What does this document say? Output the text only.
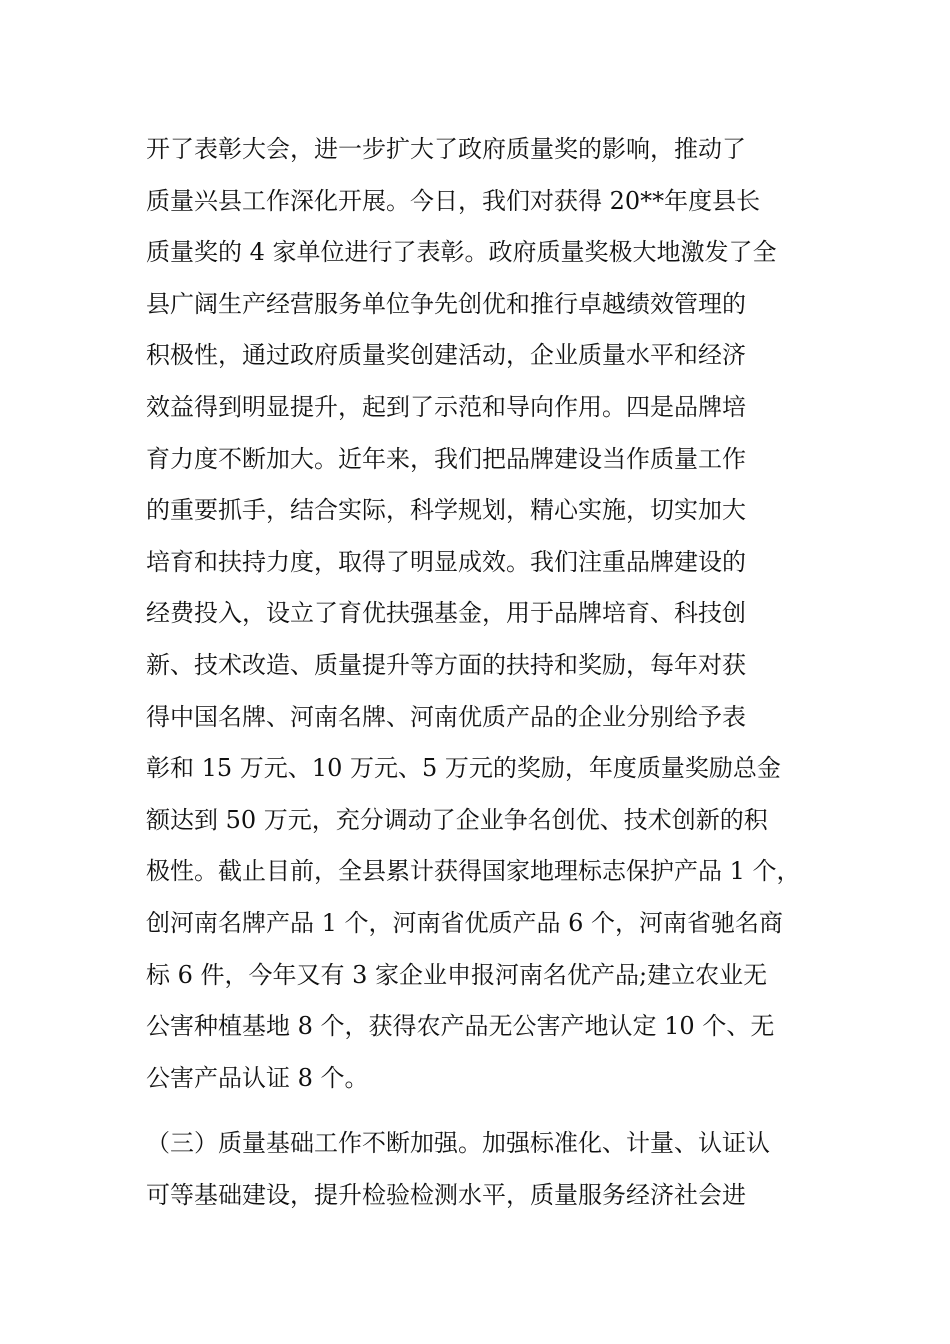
开了表彰大会，进一步扩大了政府质量奖的影响，推动了
质量兴县工作深化开展。今日，我们对获得 20**年度县长
质量奖的 4 家单位进行了表彰。政府质量奖极大地激发了全
县广阔生产经营服务单位争先创优和推行卓越绩效管理的
积极性，通过政府质量奖创建活动，企业质量水平和经济
效益得到明显提升，起到了示范和导向作用。四是品牌培
育力度不断加大。近年来，我们把品牌建设当作质量工作
的重要抓手，结合实际，科学规划，精心实施，切实加大
培育和扶持力度，取得了明显成效。我们注重品牌建设的
经费投入，设立了育优扶强基金，用于品牌培育、科技创
新、技术改造、质量提升等方面的扶持和奖励，每年对获
得中国名牌、河南名牌、河南优质产品的企业分别给予表
彰和 15 万元、10 万元、5 万元的奖励，年度质量奖励总金
额达到 50 万元，充分调动了企业争名创优、技术创新的积
极性。截止目前，全县累计获得国家地理标志保护产品 1 个，
创河南名牌产品 1 个，河南省优质产品 6 个，河南省驰名商
标 6 件，今年又有 3 家企业申报河南名优产品;建立农业无
公害种植基地 8 个，获得农产品无公害产地认定 10 个、无
公害产品认证 8 个。
（三）质量基础工作不断加强。加强标准化、计量、认证认
可等基础建设，提升检验检测水平，质量服务经济社会进
